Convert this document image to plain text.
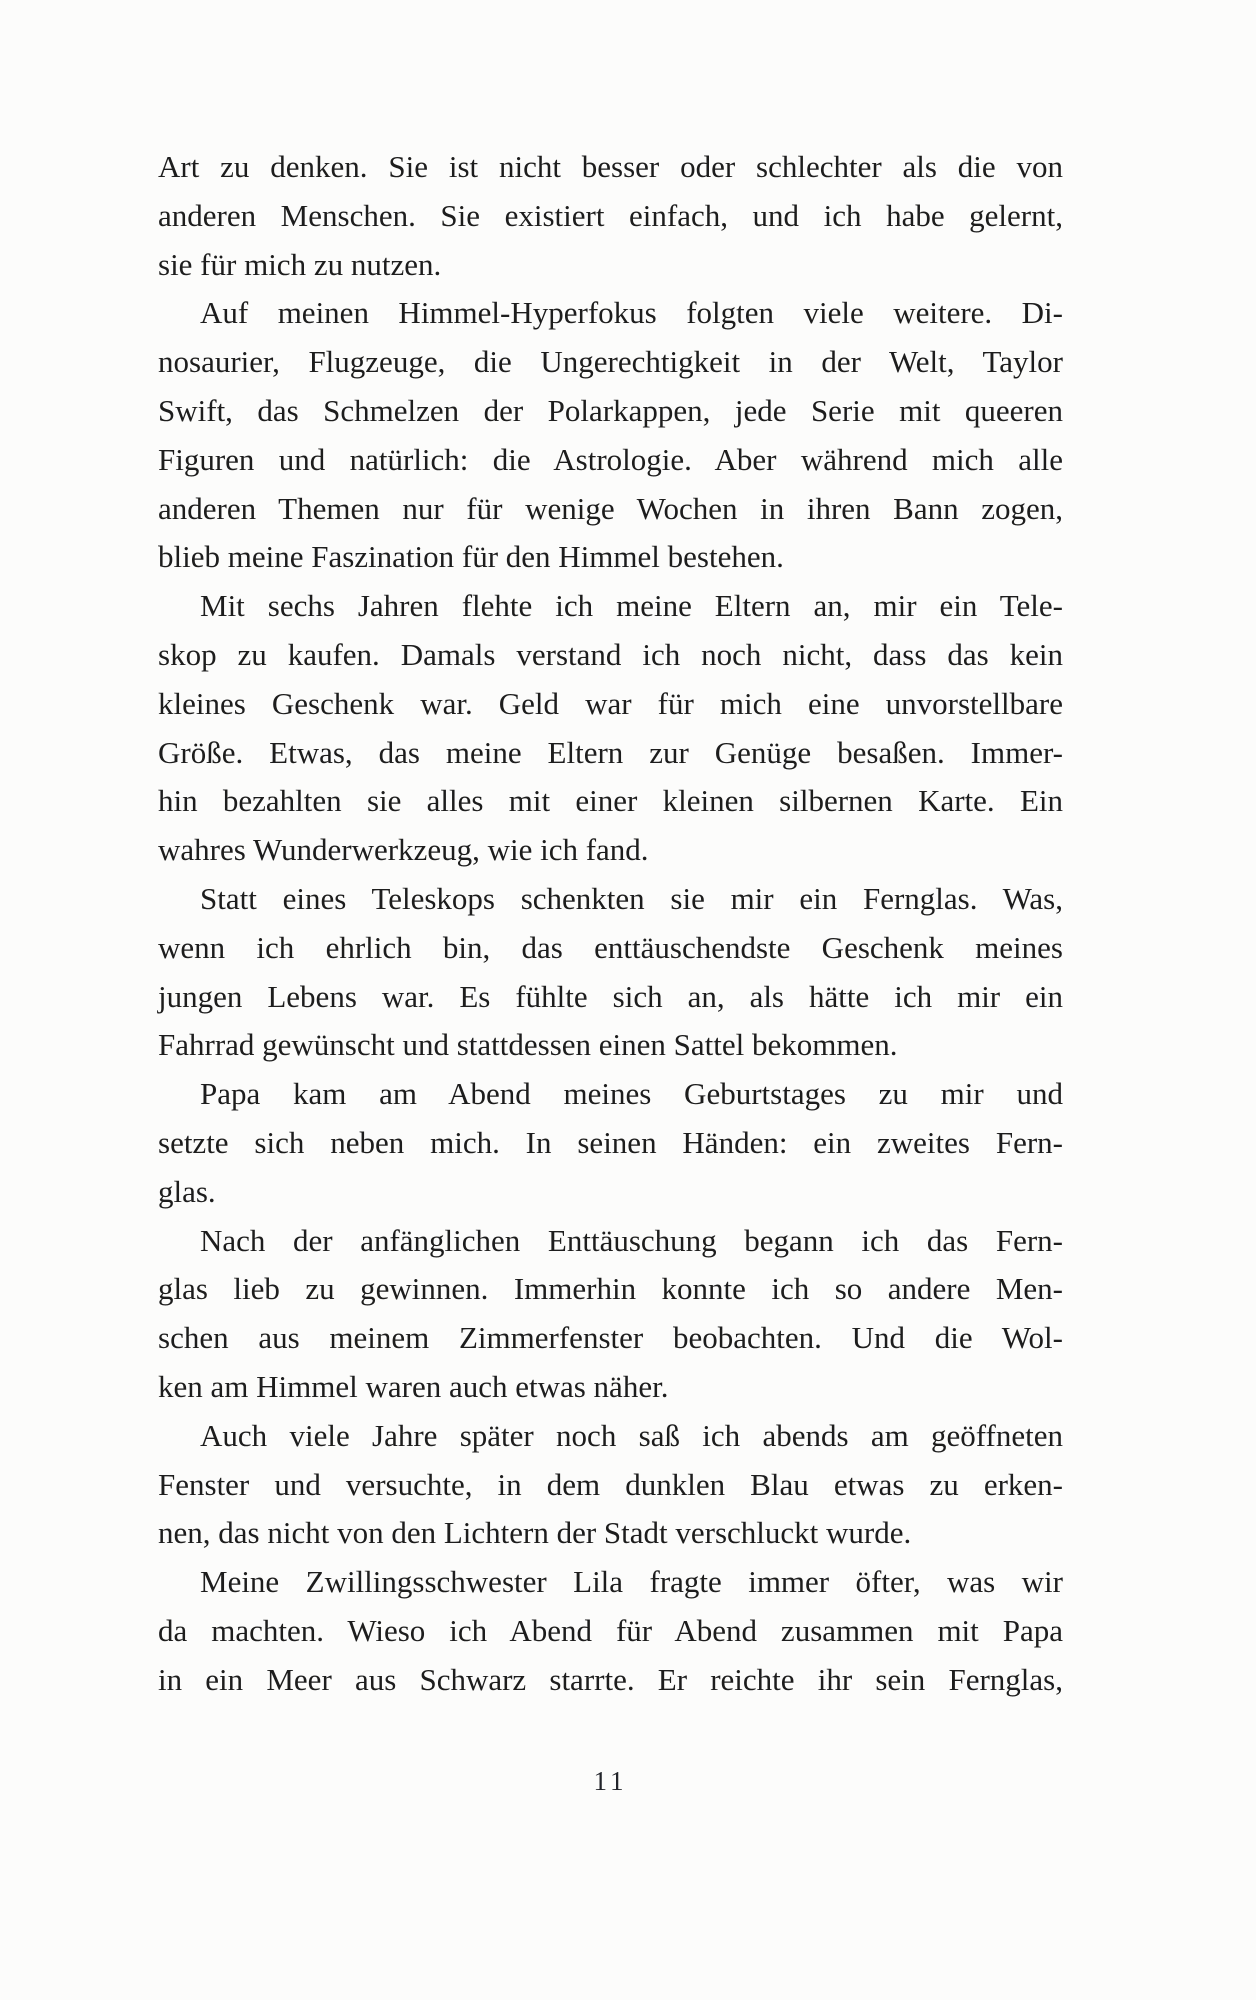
Art zu denken. Sie ist nicht besser oder schlechter als die von
anderen Menschen. Sie existiert einfach, und ich habe gelernt,
sie für mich zu nutzen.
Auf meinen Himmel-Hyperfokus folgten viele weitere. Di-
nosaurier, Flugzeuge, die Ungerechtigkeit in der Welt, Taylor
Swift, das Schmelzen der Polarkappen, jede Serie mit queeren
Figuren und natürlich: die Astrologie. Aber während mich alle
anderen Themen nur für wenige Wochen in ihren Bann zogen,
blieb meine Faszination für den Himmel bestehen.
Mit sechs Jahren flehte ich meine Eltern an, mir ein Tele-
skop zu kaufen. Damals verstand ich noch nicht, dass das kein
kleines Geschenk war. Geld war für mich eine unvorstellbare
Größe. Etwas, das meine Eltern zur Genüge besaßen. Immer-
hin bezahlten sie alles mit einer kleinen silbernen Karte. Ein
wahres Wunderwerkzeug, wie ich fand.
Statt eines Teleskops schenkten sie mir ein Fernglas. Was,
wenn ich ehrlich bin, das enttäuschendste Geschenk meines
jungen Lebens war. Es fühlte sich an, als hätte ich mir ein
Fahrrad gewünscht und stattdessen einen Sattel bekommen.
Papa kam am Abend meines Geburtstages zu mir und
setzte sich neben mich. In seinen Händen: ein zweites Fern-
glas.
Nach der anfänglichen Enttäuschung begann ich das Fern-
glas lieb zu gewinnen. Immerhin konnte ich so andere Men-
schen aus meinem Zimmerfenster beobachten. Und die Wol-
ken am Himmel waren auch etwas näher.
Auch viele Jahre später noch saß ich abends am geöffneten
Fenster und versuchte, in dem dunklen Blau etwas zu erken-
nen, das nicht von den Lichtern der Stadt verschluckt wurde.
Meine Zwillingsschwester Lila fragte immer öfter, was wir
da machten. Wieso ich Abend für Abend zusammen mit Papa
in ein Meer aus Schwarz starrte. Er reichte ihr sein Fernglas,
11
